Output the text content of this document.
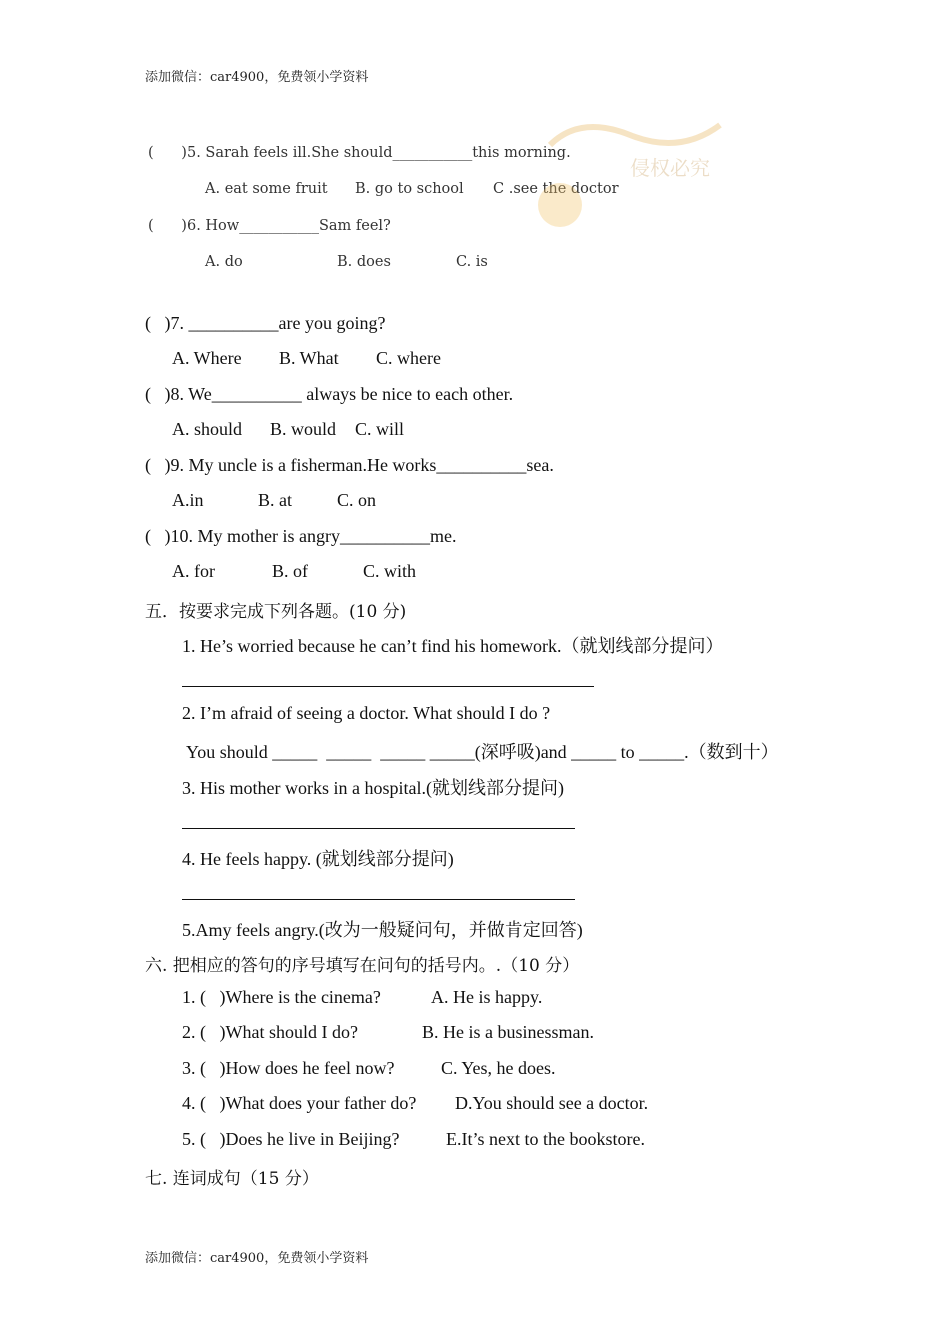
添加微信：car4900，免费领小学资料
(      )5. Sarah feels ill.She should___________this morning.
A. eat some fruit B. go to school C .see the doctor
(      )6. How___________Sam feel?
A. do	B. does	C. is
侵权必究
(   )7. __________are you going?
A. Where B. What C. where
(   )8. We__________ always be nice to each other.
A. should B. would C. will
(   )9. My uncle is a fisherman.He works__________sea.
A.in	B. at	C. on
(   )10. My mother is angry__________me.
A. for	B. of	C. with
五．按要求完成下列各题。(10 分)
1. He’s worried because he can’t find his homework.（就划线部分提问）
2. I’m afraid of seeing a doctor. What should I do ?
You should _____  _____  _____ _____(深呼吸)and _____ to _____.（数到十）
3. His mother works in a hospital.(就划线部分提问)
4. He feels happy. (就划线部分提问)
5.Amy feels angry.(改为一般疑问句，并做肯定回答)
六. 把相应的答句的序号填写在问句的括号内。.（10 分）
1. (   )Where is the cinema?	A. He is happy.
2. (   )What should I do?	B. He is a businessman.
3. (   )How does he feel now?	C. Yes, he does.
4. (   )What does your father do? D.You should see a doctor.
5. (   )Does he live in Beijing?	E.It’s next to the bookstore.
七. 连词成句（15 分）
添加微信：car4900，免费领小学资料
